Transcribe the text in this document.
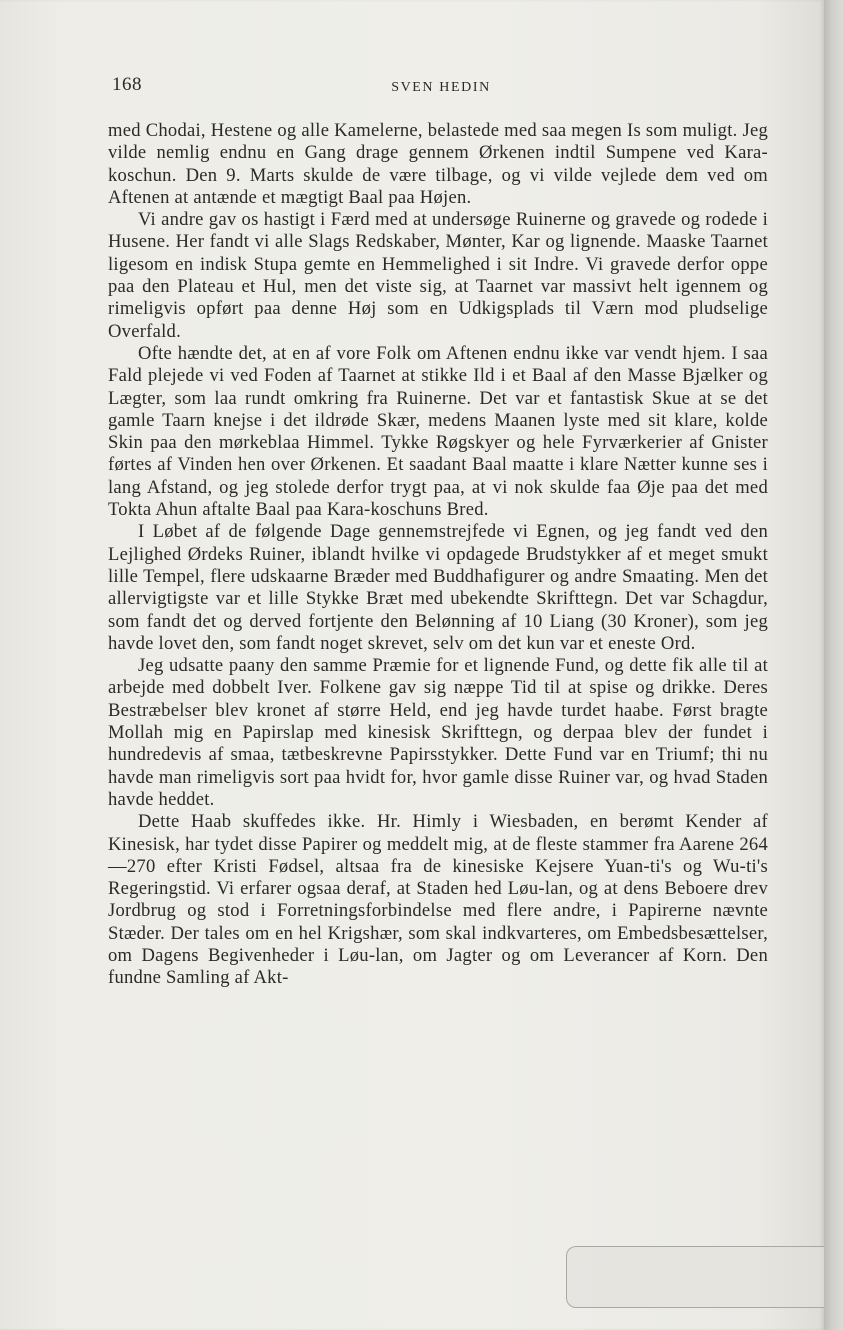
168	SVEN HEDIN

med Chodai, Hestene og alle Kamelerne, belastede med saa megen Is som muligt. Jeg vilde nemlig endnu en Gang drage gennem Ørkenen indtil Sumpene ved Kara-koschun. Den 9. Marts skulde de være tilbage, og vi vilde vejlede dem ved om Aftenen at antænde et mægtigt Baal paa Højen.

Vi andre gav os hastigt i Færd med at undersøge Ruinerne og gravede og rodede i Husene. Her fandt vi alle Slags Redskaber, Mønter, Kar og lignende. Maaske Taarnet ligesom en indisk Stupa gemte en Hemmelighed i sit Indre. Vi gravede derfor oppe paa den Plateau et Hul, men det viste sig, at Taarnet var massivt helt igennem og rimeligvis opført paa denne Høj som en Udkigsplads til Værn mod pludselige Overfald.

Ofte hændte det, at en af vore Folk om Aftenen endnu ikke var vendt hjem. I saa Fald plejede vi ved Foden af Taarnet at stikke Ild i et Baal af den Masse Bjælker og Lægter, som laa rundt omkring fra Ruinerne. Det var et fantastisk Skue at se det gamle Taarn knejse i det ildrøde Skær, medens Maanen lyste med sit klare, kolde Skin paa den mørkeblaa Himmel. Tykke Røgskyer og hele Fyrværkerier af Gnister førtes af Vinden hen over Ørkenen. Et saadant Baal maatte i klare Nætter kunne ses i lang Afstand, og jeg stolede derfor trygt paa, at vi nok skulde faa Øje paa det med Tokta Ahun aftalte Baal paa Kara-koschuns Bred.

I Løbet af de følgende Dage gennemstrejfede vi Egnen, og jeg fandt ved den Lejlighed Ørdeks Ruiner, iblandt hvilke vi opdagede Brudstykker af et meget smukt lille Tempel, flere udskaarne Bræder med Buddhafigurer og andre Smaating. Men det allervigtigste var et lille Stykke Bræt med ubekendte Skrifttegn. Det var Schagdur, som fandt det og derved fortjente den Belønning af 10 Liang (30 Kroner), som jeg havde lovet den, som fandt noget skrevet, selv om det kun var et eneste Ord.

Jeg udsatte paany den samme Præmie for et lignende Fund, og dette fik alle til at arbejde med dobbelt Iver. Folkene gav sig næppe Tid til at spise og drikke. Deres Bestræbelser blev kronet af større Held, end jeg havde turdet haabe. Først bragte Mollah mig en Papirslap med kinesisk Skrifttegn, og derpaa blev der fundet i hundredevis af smaa, tætbeskrevne Papirsstykker. Dette Fund var en Triumf; thi nu havde man rimeligvis sort paa hvidt for, hvor gamle disse Ruiner var, og hvad Staden havde heddet.

Dette Haab skuffedes ikke. Hr. Himly i Wiesbaden, en berømt Kender af Kinesisk, har tydet disse Papirer og meddelt mig, at de fleste stammer fra Aarene 264—270 efter Kristi Fødsel, altsaa fra de kinesiske Kejsere Yuan-ti's og Wu-ti's Regeringstid. Vi erfarer ogsaa deraf, at Staden hed Løu-lan, og at dens Beboere drev Jordbrug og stod i Forretningsforbindelse med flere andre, i Papirerne nævnte Stæder. Der tales om en hel Krigshær, som skal indkvarteres, om Embedsbesættelser, om Dagens Begivenheder i Løu-lan, om Jagter og om Leverancer af Korn. Den fundne Samling af Akt-
